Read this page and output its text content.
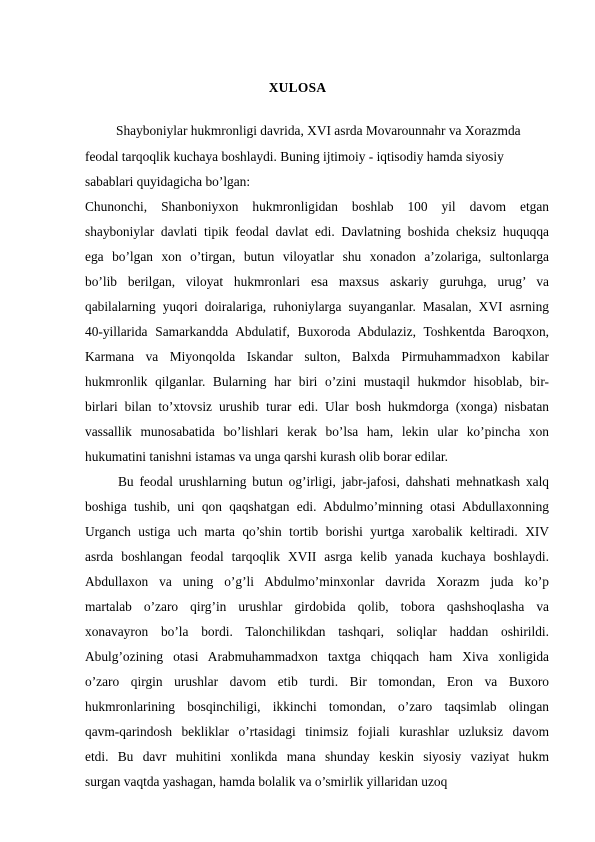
XULOSA
Shayboniylar hukmronligi davrida, XVI asrda Movarounnahr va Xorazmda
feodal tarqoqlik kuchaya boshlaydi. Buning ijtimoiy - iqtisodiy hamda siyosiy
sabablari quyidagicha bo’lgan:
Chunonchi, Shanboniyxon hukmronligidan boshlab 100 yil davom etgan
shayboniylar davlati tipik feodal davlat edi. Davlatning boshida cheksiz huquqqa
ega bo’lgan xon o’tirgan, butun viloyatlar shu xonadon a’zolariga, sultonlarga
bo’lib berilgan, viloyat hukmronlari esa maxsus askariy guruhga, urug’ va
qabilalarning yuqori doiralariga, ruhoniylarga suyanganlar. Masalan, XVI asrning
40-yillarida Samarkandda Abdulatif, Buxoroda Abdulaziz, Toshkentda Baroqxon,
Karmana va Miyonqolda Iskandar sulton, Balxda Pirmuhammadxon kabilar
hukmronlik qilganlar. Bularning har biri o’zini mustaqil hukmdor hisoblab, bir-
birlari bilan to’xtovsiz urushib turar edi. Ular bosh hukmdorga (xonga) nisbatan
vassallik munosabatida bo’lishlari kerak bo’lsa ham, lekin ular ko’pincha xon
hukumatini tanishni istamas va unga qarshi kurash olib borar edilar.
Bu feodal urushlarning butun og’irligi, jabr-jafosi, dahshati mehnatkash xalq
boshiga tushib, uni qon qaqshatgan edi. Abdulmo’minning otasi Abdullaxonning
Urganch ustiga uch marta qo’shin tortib borishi yurtga xarobalik keltiradi. XIV
asrda boshlangan feodal tarqoqlik XVII asrga kelib yanada kuchaya boshlaydi.
Abdullaxon va uning o’g’li Abdulmo’minxonlar davrida Xorazm juda ko’p
martalab o’zaro qirg’in urushlar girdobida qolib, tobora qashshoqlasha va
xonavayron bo’la bordi. Talonchilikdan tashqari, soliqlar haddan oshirildi.
Abulg’ozining otasi Arabmuhammadxon taxtga chiqqach ham Xiva xonligida
o’zaro qirgin urushlar davom etib turdi. Bir tomondan, Eron va Buxoro
hukmronlarining bosqinchiligi, ikkinchi tomondan, o’zaro taqsimlab olingan
qavm-qarindosh bekliklar o’rtasidagi tinimsiz fojiali kurashlar uzluksiz davom
etdi. Bu davr muhitini xonlikda mana shunday keskin siyosiy vaziyat hukm
surgan vaqtda yashagan, hamda bolalik va o’smirlik yillaridan uzoq
